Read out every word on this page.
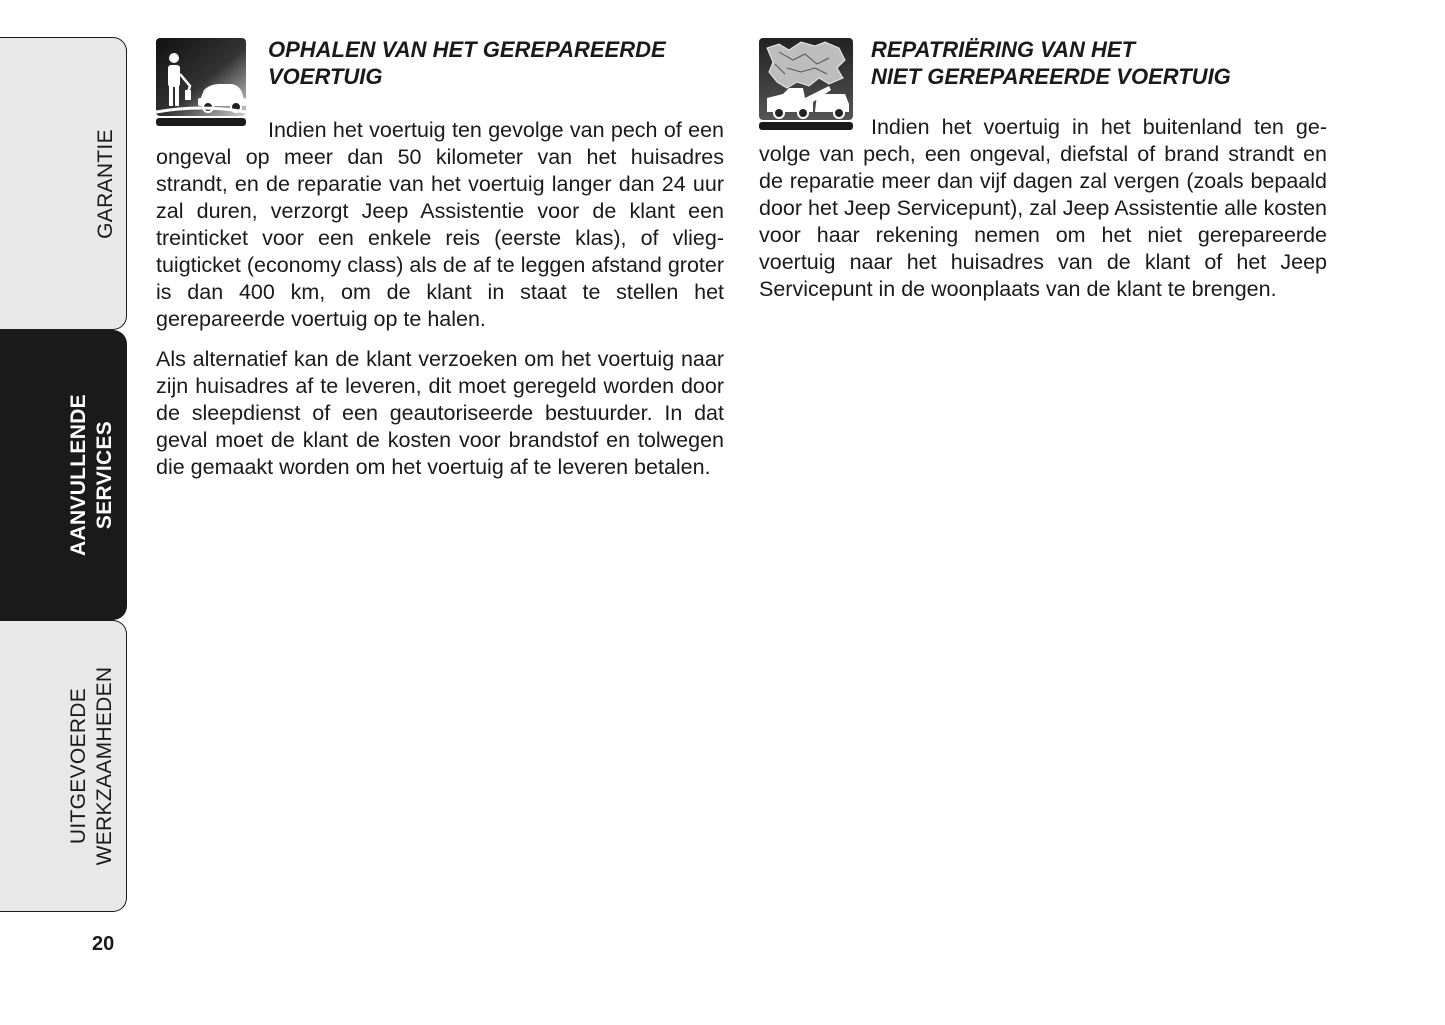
GARANTIE
AANVULLENDE SERVICES
UITGEVOERDE WERKZAAMHEDEN
20
OPHALEN VAN HET GEREPAREERDE
VOERTUIG

Indien het voertuig ten gevolge van pech of een ongeval op meer dan 50 kilometer van het huisadres strandt, en de reparatie van het voertuig langer dan 24 uur zal duren, verzorgt Jeep Assistentie voor de klant een treinticket voor een enkele reis (eerste klas), of vliegtuigticket (economy class) als de af te leggen afstand groter is dan 400 km, om de klant in staat te stellen het gerepareerde voertuig op te halen.

Als alternatief kan de klant verzoeken om het voertuig naar zijn huisadres af te leveren, dit moet geregeld worden door de sleepdienst of een geautoriseerde bestuurder. In dat geval moet de klant de kosten voor brandstof en tolwegen die gemaakt worden om het voertuig af te leveren betalen.

REPATRIËRING VAN HET
NIET GEREPAREERDE VOERTUIG

Indien het voertuig in het buitenland ten gevolge van pech, een ongeval, diefstal of brand strandt en de reparatie meer dan vijf dagen zal vergen (zoals bepaald door het Jeep Servicepunt), zal Jeep Assistentie alle kosten voor haar rekening nemen om het niet gerepareerde voertuig naar het huisadres van de klant of het Jeep Servicepunt in de woonplaats van de klant te brengen.
